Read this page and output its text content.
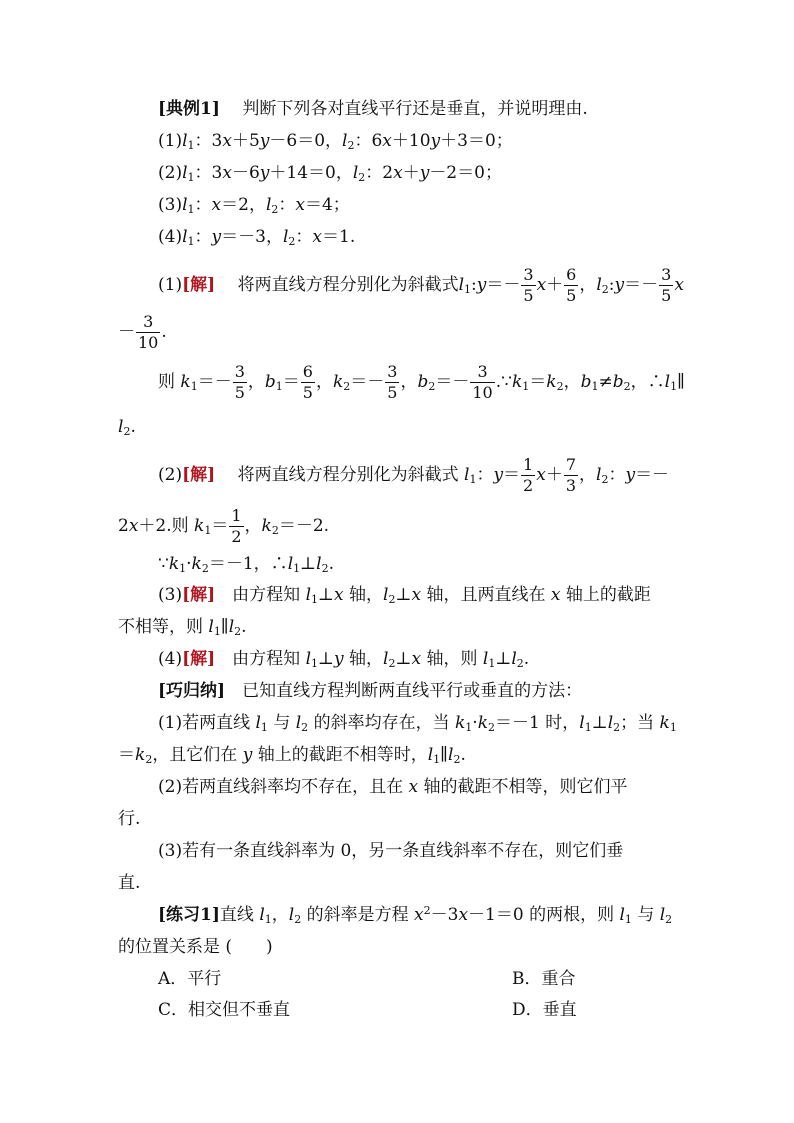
[典例1]　 判断下列各对直线平行还是垂直，并说明理由.
$(1)l_1$：3x＋5y－6＝0，$l_2$：6x＋10y＋3＝0；
$(2)l_1$：3x－6y＋14＝0，$l_2$：2x＋y－2＝0；
$(3)l_1$：x＝2，$l_2$：x＝4；
$(4)l_1$：y＝－3，$l_2$：x＝1.
(1)[解]　 将两直线方程分别化为斜截式$l_1:y=- \frac{3}{5} x+ \frac{6}{5}$ ，$l_2:y=- \frac{3}{5}$ x
－ $\frac{3}{10}$ .
则 $k_1=- \frac{3}{5}$ ，$b_1= \frac{6}{5}$ ，$k_2=- \frac{3}{5}$ ，$b_2=- \frac{3}{10}$ $.\because k_1=k_2$，$b_1\ne b_2$，$\therefore l_1\parallel$
$l_2$.
(2)[解]　 将两直线方程分别化为斜截式 $l_1$：$y= \frac{1}{2} x+ \frac{7}{3}$ ，$l_2$：y＝－
2x＋2.则 $k_1= \frac{1}{2}$ ，$k_2=-2$.
$\because k_1\cdot k_2=-1$，$\therefore l_1\perp l_2$.
(3)[解]　由方程知 $l_1\perp x$ 轴，$l_2\perp x$ 轴，且两直线在 x 轴上的截距
不相等，则 $l_1\parallel l_2$.
(4)[解]　由方程知 $l_1\perp y$ 轴，$l_2\perp x$ 轴，则 $l_1\perp l_2$.
[巧归纳]　 已知直线方程判断两直线平行或垂直的方法：
(1)若两直线 $l_1$ 与 $l_2$ 的斜率均存在，当 $k_1\cdot k_2=-1$ 时，$l_1\perp l_2$；当 $k_1$
$=k_2$，且它们在 y 轴上的截距不相等时，$l_1\parallel l_2$.
(2)若两直线斜率均不存在，且在 x 轴的截距不相等，则它们平
行.
(3)若有一条直线斜率为 0，另一条直线斜率不存在，则它们垂
直.
[练习1]直线 $l_1$，$l_2$ 的斜率是方程 $x^2-3x-1=0$ 的两根，则 $l_1$ 与 $l_2$
的位置关系是 (　　)
A．平行	B．重合
C．相交但不垂直	D．垂直
